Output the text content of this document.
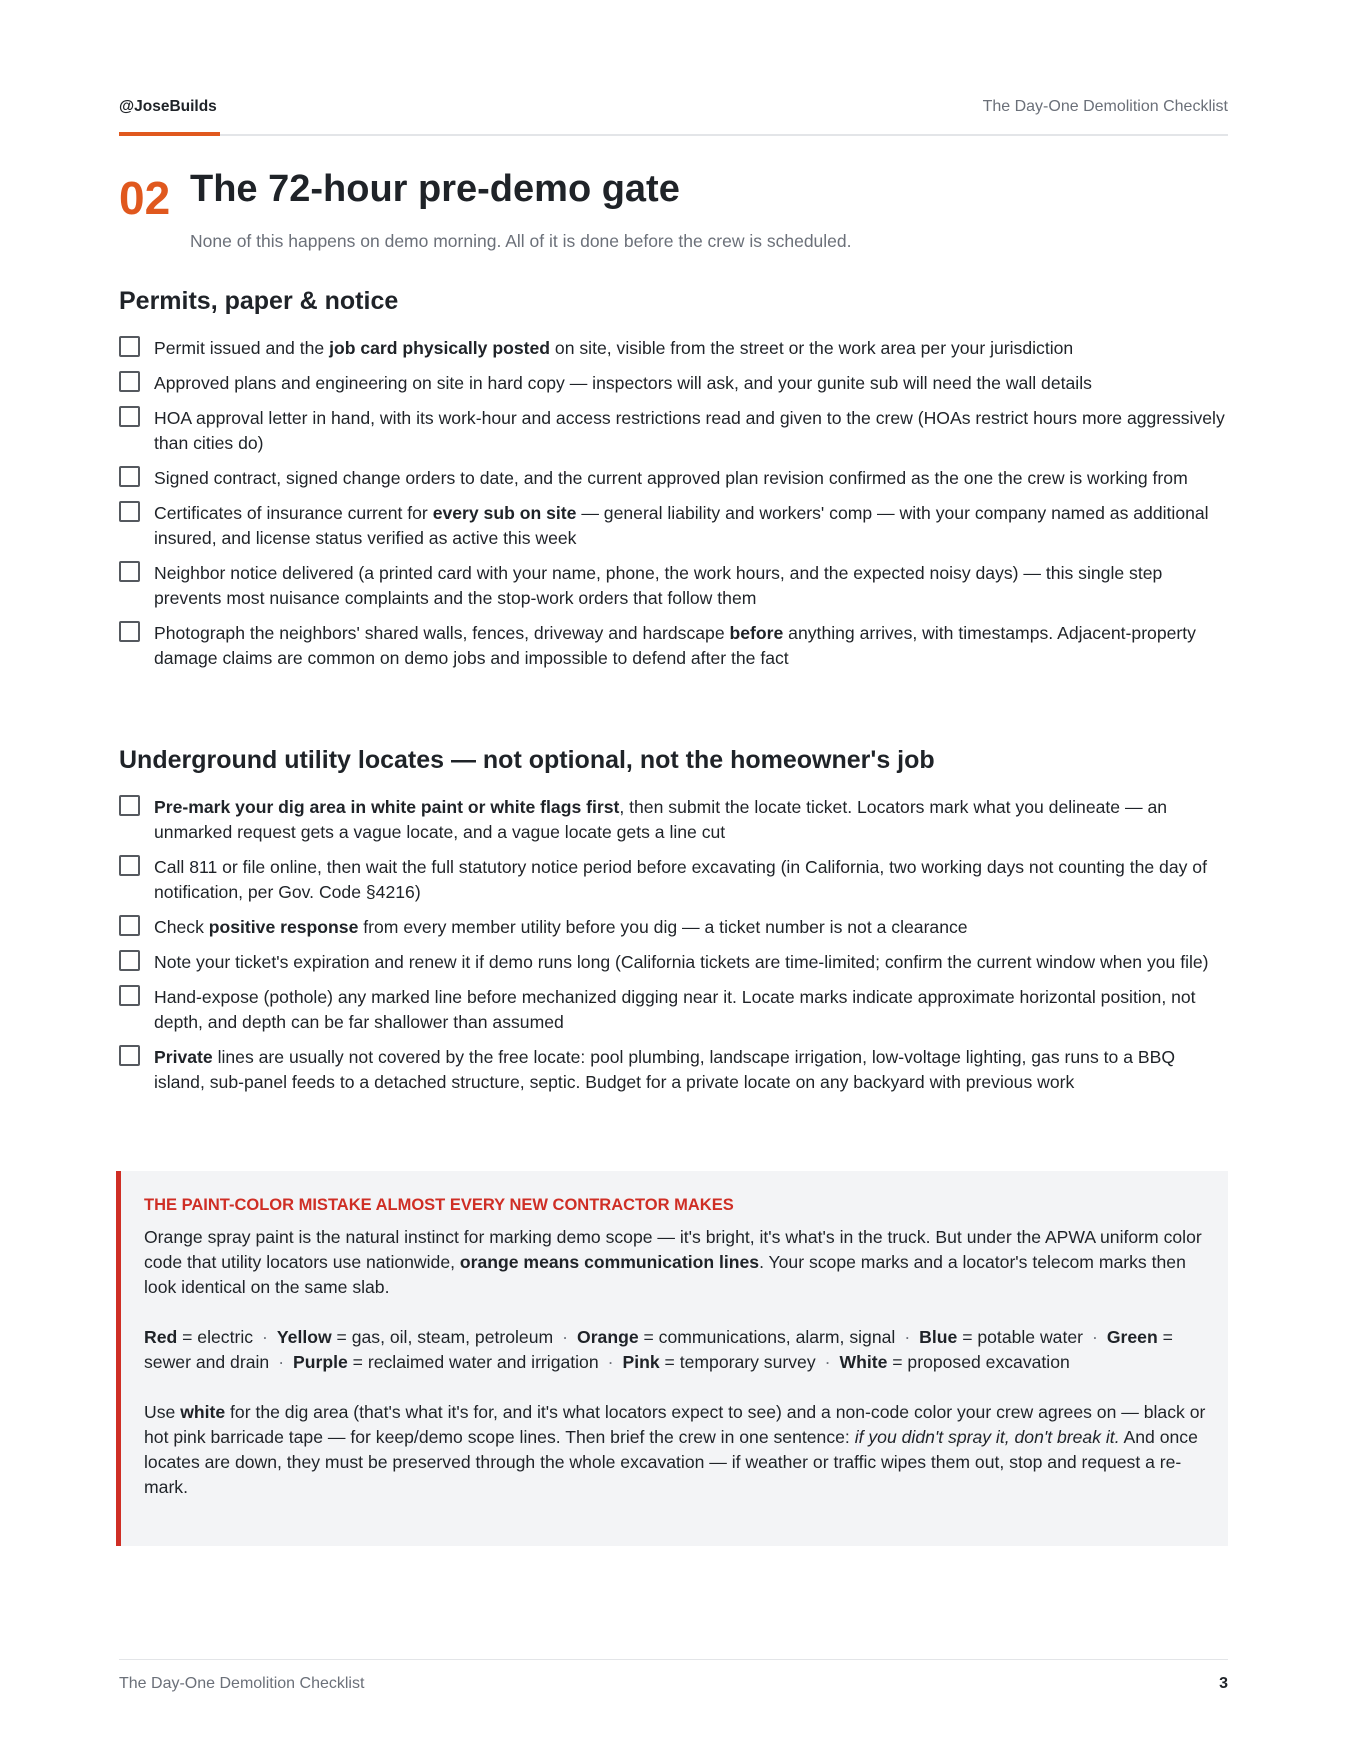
@JoseBuilds	The Day-One Demolition Checklist
02 The 72-hour pre-demo gate
None of this happens on demo morning. All of it is done before the crew is scheduled.
Permits, paper & notice
Permit issued and the job card physically posted on site, visible from the street or the work area per your jurisdiction
Approved plans and engineering on site in hard copy — inspectors will ask, and your gunite sub will need the wall details
HOA approval letter in hand, with its work-hour and access restrictions read and given to the crew (HOAs restrict hours more aggressively than cities do)
Signed contract, signed change orders to date, and the current approved plan revision confirmed as the one the crew is working from
Certificates of insurance current for every sub on site — general liability and workers' comp — with your company named as additional insured, and license status verified as active this week
Neighbor notice delivered (a printed card with your name, phone, the work hours, and the expected noisy days) — this single step prevents most nuisance complaints and the stop-work orders that follow them
Photograph the neighbors' shared walls, fences, driveway and hardscape before anything arrives, with timestamps. Adjacent-property damage claims are common on demo jobs and impossible to defend after the fact
Underground utility locates — not optional, not the homeowner's job
Pre-mark your dig area in white paint or white flags first, then submit the locate ticket. Locators mark what you delineate — an unmarked request gets a vague locate, and a vague locate gets a line cut
Call 811 or file online, then wait the full statutory notice period before excavating (in California, two working days not counting the day of notification, per Gov. Code §4216)
Check positive response from every member utility before you dig — a ticket number is not a clearance
Note your ticket's expiration and renew it if demo runs long (California tickets are time-limited; confirm the current window when you file)
Hand-expose (pothole) any marked line before mechanized digging near it. Locate marks indicate approximate horizontal position, not depth, and depth can be far shallower than assumed
Private lines are usually not covered by the free locate: pool plumbing, landscape irrigation, low-voltage lighting, gas runs to a BBQ island, sub-panel feeds to a detached structure, septic. Budget for a private locate on any backyard with previous work
THE PAINT-COLOR MISTAKE ALMOST EVERY NEW CONTRACTOR MAKES

Orange spray paint is the natural instinct for marking demo scope — it's bright, it's what's in the truck. But under the APWA uniform color code that utility locators use nationwide, orange means communication lines. Your scope marks and a locator's telecom marks then look identical on the same slab.

Red = electric · Yellow = gas, oil, steam, petroleum · Orange = communications, alarm, signal · Blue = potable water · Green = sewer and drain · Purple = reclaimed water and irrigation · Pink = temporary survey · White = proposed excavation

Use white for the dig area (that's what it's for, and it's what locators expect to see) and a non-code color your crew agrees on — black or hot pink barricade tape — for keep/demo scope lines. Then brief the crew in one sentence: if you didn't spray it, don't break it. And once locates are down, they must be preserved through the whole excavation — if weather or traffic wipes them out, stop and request a re-mark.

The Day-One Demolition Checklist	3
